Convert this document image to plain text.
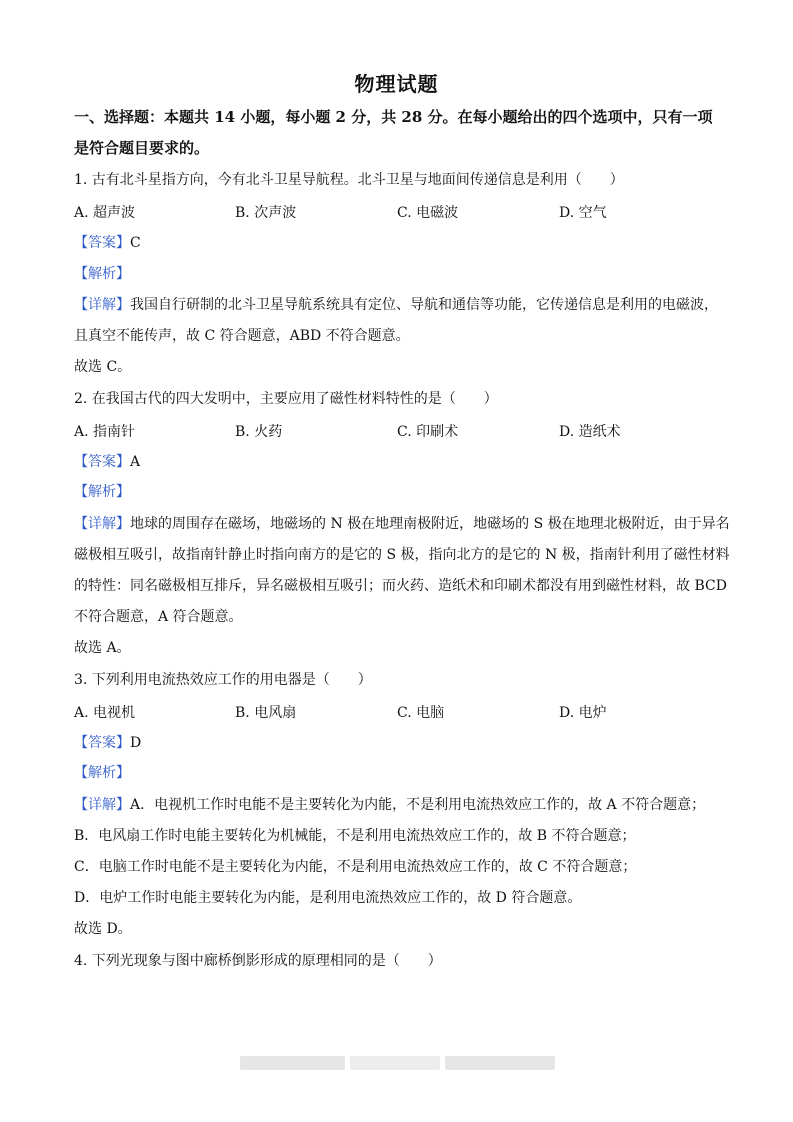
物理试题
一、选择题：本题共 14 小题，每小题 2 分，共 28 分。在每小题给出的四个选项中，只有一项是符合题目要求的。
1. 古有北斗星指方向，今有北斗卫星导航程。北斗卫星与地面间传递信息是利用（　　）
A. 超声波	B. 次声波	C. 电磁波	D. 空气
【答案】C
【解析】
【详解】我国自行研制的北斗卫星导航系统具有定位、导航和通信等功能，它传递信息是利用的电磁波，
且真空不能传声，故 C 符合题意，ABD 不符合题意。
故选 C。
2. 在我国古代的四大发明中，主要应用了磁性材料特性的是（　　）
A. 指南针	B. 火药	C. 印刷术	D. 造纸术
【答案】A
【解析】
【详解】地球的周围存在磁场，地磁场的 N 极在地理南极附近，地磁场的 S 极在地理北极附近，由于异名
磁极相互吸引，故指南针静止时指向南方的是它的 S 极，指向北方的是它的 N 极，指南针利用了磁性材料
的特性：同名磁极相互排斥，异名磁极相互吸引；而火药、造纸术和印刷术都没有用到磁性材料，故 BCD
不符合题意，A 符合题意。
故选 A。
3. 下列利用电流热效应工作的用电器是（　　）
A. 电视机	B. 电风扇	C. 电脑	D. 电炉
【答案】D
【解析】
【详解】A．电视机工作时电能不是主要转化为内能，不是利用电流热效应工作的，故 A 不符合题意；
B．电风扇工作时电能主要转化为机械能，不是利用电流热效应工作的，故 B 不符合题意；
C．电脑工作时电能不是主要转化为内能，不是利用电流热效应工作的，故 C 不符合题意；
D．电炉工作时电能主要转化为内能，是利用电流热效应工作的，故 D 符合题意。
故选 D。
4. 下列光现象与图中廊桥倒影形成的原理相同的是（　　）
